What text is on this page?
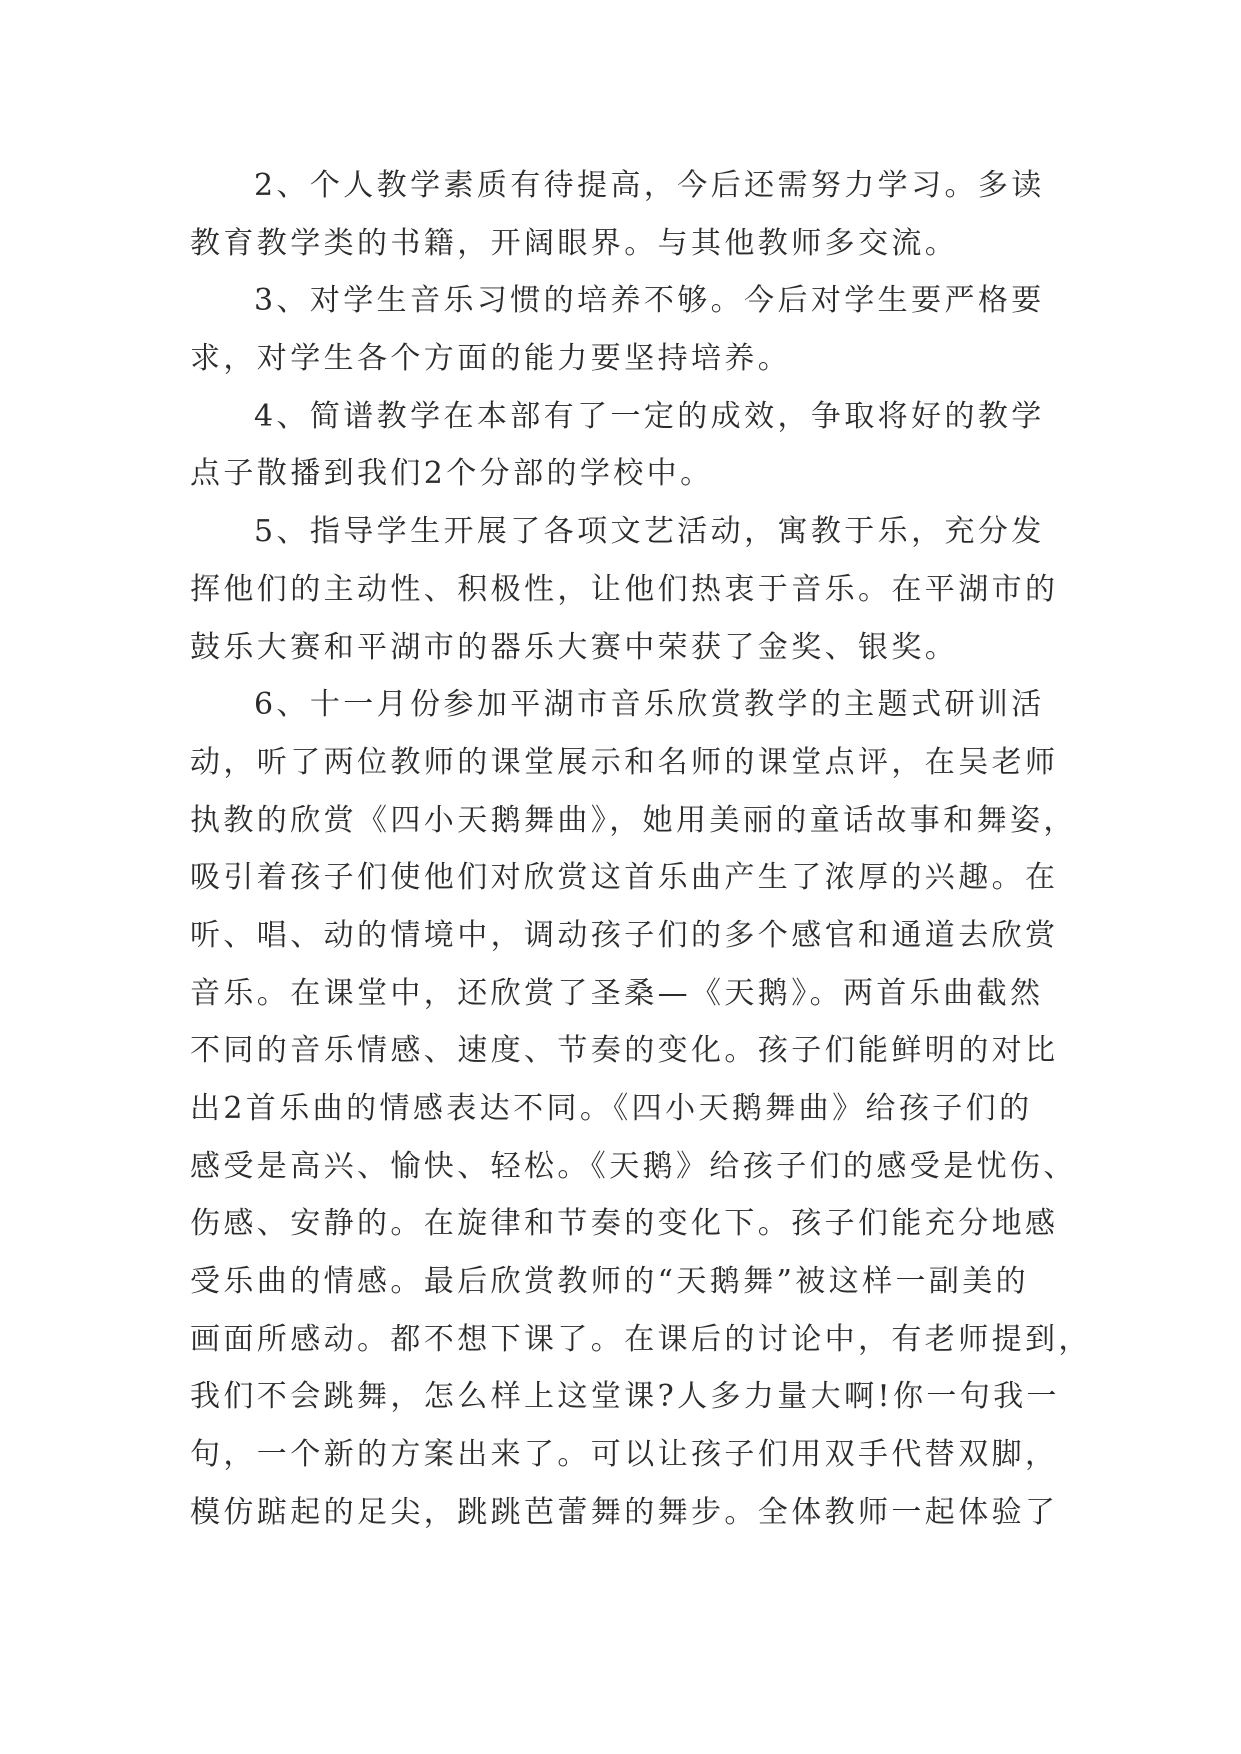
2、个人教学素质有待提高，今后还需努力学习。多读
教育教学类的书籍，开阔眼界。与其他教师多交流。
3、对学生音乐习惯的培养不够。今后对学生要严格要
求，对学生各个方面的能力要坚持培养。
4、简谱教学在本部有了一定的成效，争取将好的教学
点子散播到我们2个分部的学校中。
5、指导学生开展了各项文艺活动，寓教于乐，充分发
挥他们的主动性、积极性，让他们热衷于音乐。在平湖市的
鼓乐大赛和平湖市的器乐大赛中荣获了金奖、银奖。
6、十一月份参加平湖市音乐欣赏教学的主题式研训活
动，听了两位教师的课堂展示和名师的课堂点评，在吴老师
执教的欣赏《四小天鹅舞曲》，她用美丽的童话故事和舞姿，
吸引着孩子们使他们对欣赏这首乐曲产生了浓厚的兴趣。在
听、唱、动的情境中，调动孩子们的多个感官和通道去欣赏
音乐。在课堂中，还欣赏了圣桑—《天鹅》。两首乐曲截然
不同的音乐情感、速度、节奏的变化。孩子们能鲜明的对比
出2首乐曲的情感表达不同。《四小天鹅舞曲》给孩子们的
感受是高兴、愉快、轻松。《天鹅》给孩子们的感受是忧伤、
伤感、安静的。在旋律和节奏的变化下。孩子们能充分地感
受乐曲的情感。最后欣赏教师的“天鹅舞”被这样一副美的
画面所感动。都不想下课了。在课后的讨论中，有老师提到，
我们不会跳舞，怎么样上这堂课?人多力量大啊!你一句我一
句，一个新的方案出来了。可以让孩子们用双手代替双脚，
模仿踮起的足尖，跳跳芭蕾舞的舞步。全体教师一起体验了
